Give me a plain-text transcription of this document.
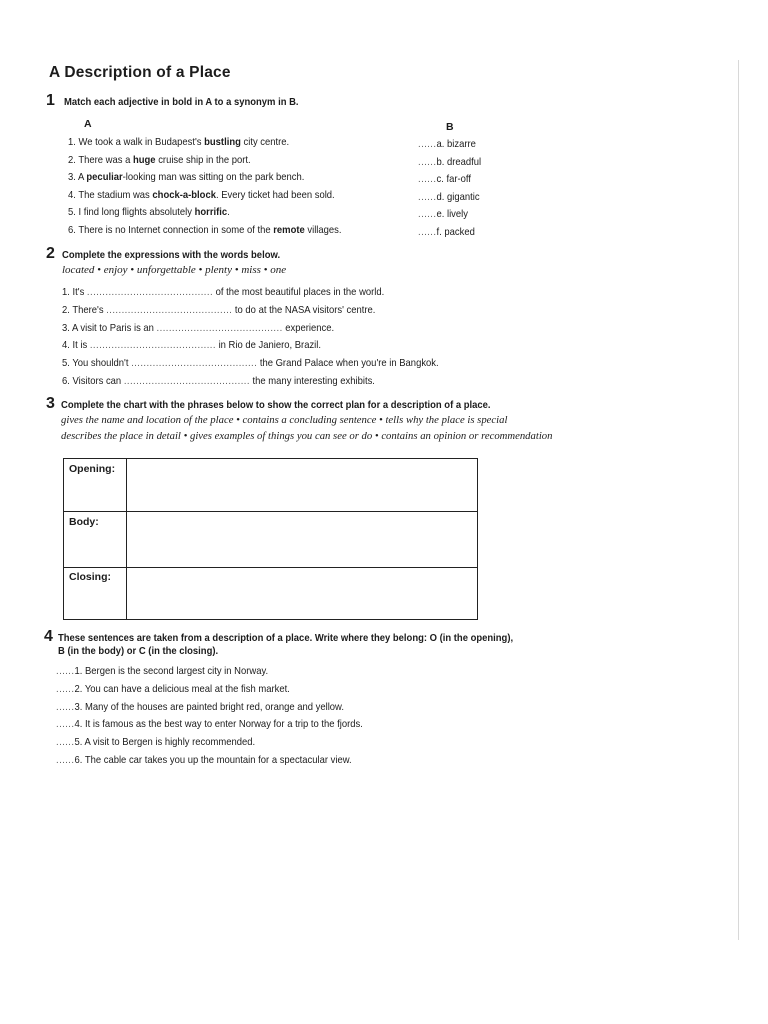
A Description of a Place
1 Match each adjective in bold in A to a synonym in B.
A	B
1. We took a walk in Budapest's bustling city centre.
2. There was a huge cruise ship in the port.
3. A peculiar-looking man was sitting on the park bench.
4. The stadium was chock-a-block. Every ticket had been sold.
5. I find long flights absolutely horrific.
6. There is no Internet connection in some of the remote villages.
......a. bizarre
......b. dreadful
......c. far-off
......d. gigantic
......e. lively
......f. packed
2 Complete the expressions with the words below.
located • enjoy • unforgettable • plenty • miss • one
1. It's ......................................... of the most beautiful places in the world.
2. There's ......................................... to do at the NASA visitors' centre.
3. A visit to Paris is an ......................................... experience.
4. It is ......................................... in Rio de Janiero, Brazil.
5. You shouldn't ......................................... the Grand Palace when you're in Bangkok.
6. Visitors can ......................................... the many interesting exhibits.
3 Complete the chart with the phrases below to show the correct plan for a description of a place.
gives the name and location of the place • contains a concluding sentence • tells why the place is special
describes the place in detail • gives examples of things you can see or do • contains an opinion or recommendation
Opening:
Body:
Closing:
4 These sentences are taken from a description of a place. Write where they belong: O (in the opening),
B (in the body) or C (in the closing).
......1. Bergen is the second largest city in Norway.
......2. You can have a delicious meal at the fish market.
......3. Many of the houses are painted bright red, orange and yellow.
......4. It is famous as the best way to enter Norway for a trip to the fjords.
......5. A visit to Bergen is highly recommended.
......6. The cable car takes you up the mountain for a spectacular view.
